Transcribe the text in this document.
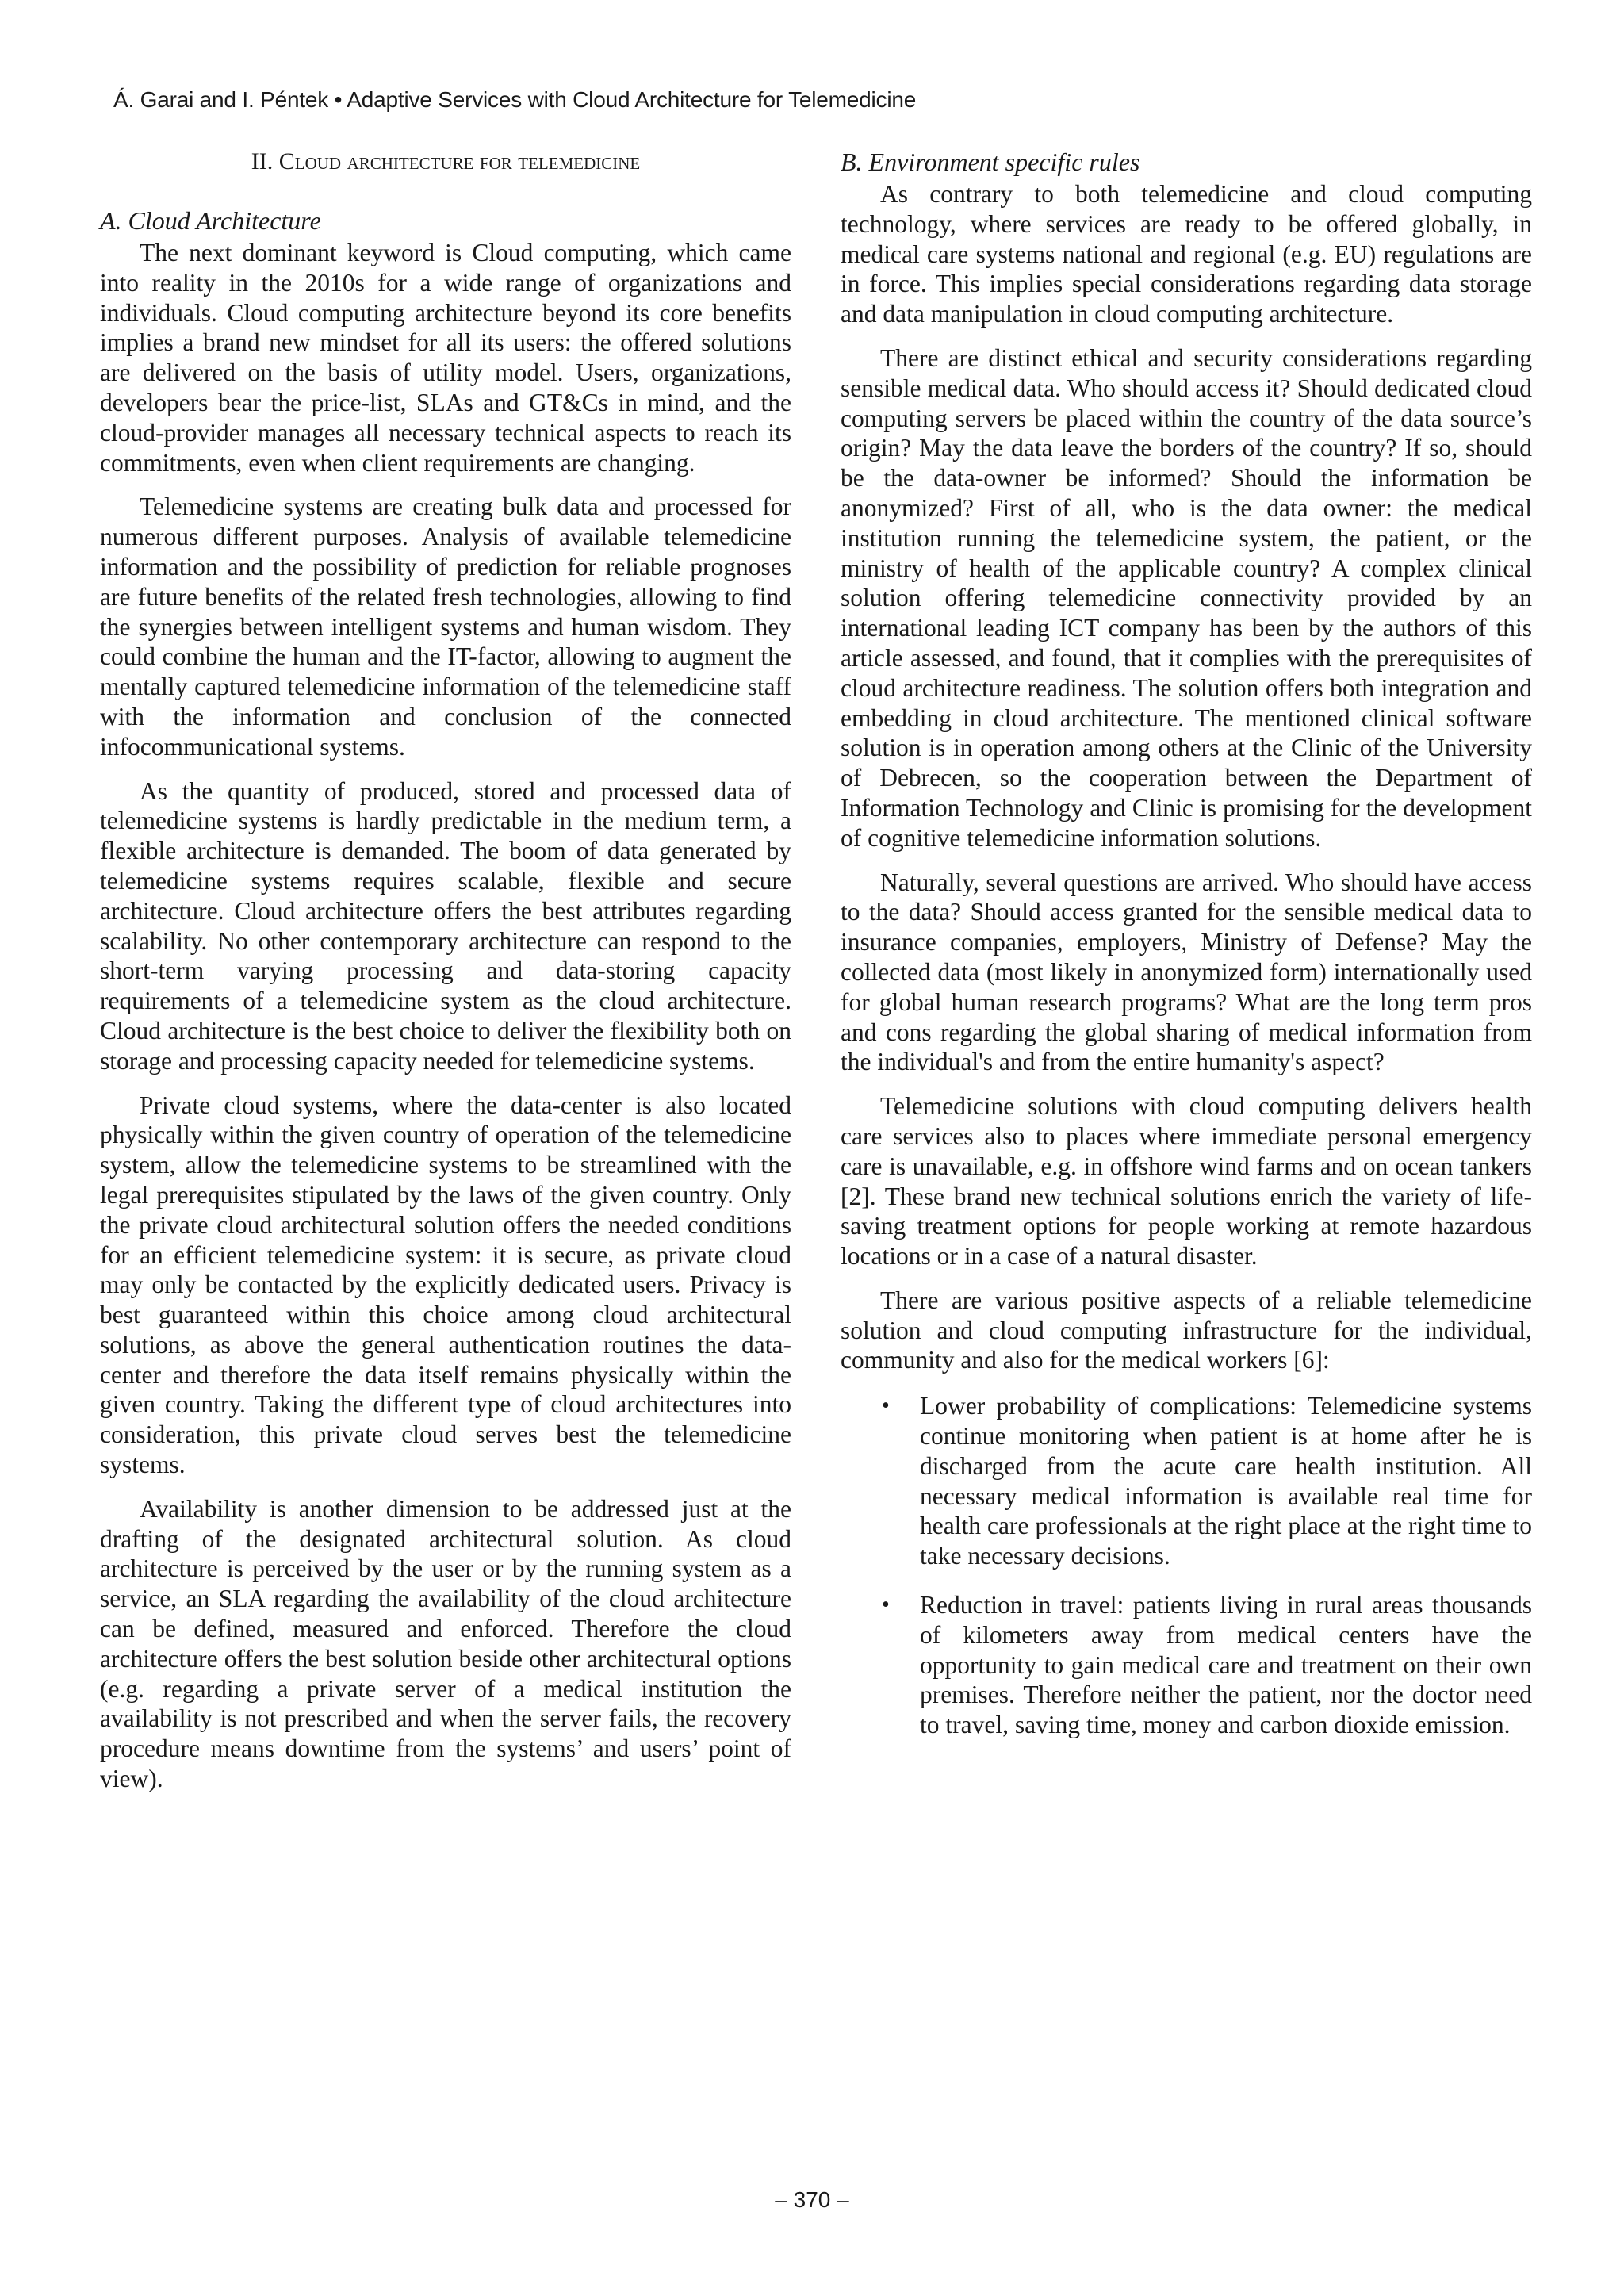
Á. Garai and I. Péntek • Adaptive Services with Cloud Architecture for Telemedicine
II. Cloud architecture for telemedicine
A. Cloud Architecture

The next dominant keyword is Cloud computing, which came into reality in the 2010s for a wide range of organizations and individuals. Cloud computing architecture beyond its core benefits implies a brand new mindset for all its users: the offered solutions are delivered on the basis of utility model. Users, organizations, developers bear the price-list, SLAs and GT&Cs in mind, and the cloud-provider manages all necessary technical aspects to reach its commitments, even when client requirements are changing.

Telemedicine systems are creating bulk data and processed for numerous different purposes. Analysis of available telemedicine information and the possibility of prediction for reliable prognoses are future benefits of the related fresh technologies, allowing to find the synergies between intelligent systems and human wisdom. They could combine the human and the IT-factor, allowing to augment the mentally captured telemedicine information of the telemedicine staff with the information and conclusion of the connected infocommunicational systems.

As the quantity of produced, stored and processed data of telemedicine systems is hardly predictable in the medium term, a flexible architecture is demanded. The boom of data generated by telemedicine systems requires scalable, flexible and secure architecture. Cloud architecture offers the best attributes regarding scalability. No other contemporary architecture can respond to the short-term varying processing and data-storing capacity requirements of a telemedicine system as the cloud architecture. Cloud architecture is the best choice to deliver the flexibility both on storage and processing capacity needed for telemedicine systems.

Private cloud systems, where the data-center is also located physically within the given country of operation of the telemedicine system, allow the telemedicine systems to be streamlined with the legal prerequisites stipulated by the laws of the given country. Only the private cloud architectural solution offers the needed conditions for an efficient telemedicine system: it is secure, as private cloud may only be contacted by the explicitly dedicated users. Privacy is best guaranteed within this choice among cloud architectural solutions, as above the general authentication routines the data-center and therefore the data itself remains physically within the given country. Taking the different type of cloud architectures into consideration, this private cloud serves best the telemedicine systems.

Availability is another dimension to be addressed just at the drafting of the designated architectural solution. As cloud architecture is perceived by the user or by the running system as a service, an SLA regarding the availability of the cloud architecture can be defined, measured and enforced. Therefore the cloud architecture offers the best solution beside other architectural options (e.g. regarding a private server of a medical institution the availability is not prescribed and when the server fails, the recovery procedure means downtime from the systems’ and users’ point of view).

B. Environment specific rules

As contrary to both telemedicine and cloud computing technology, where services are ready to be offered globally, in medical care systems national and regional (e.g. EU) regulations are in force. This implies special considerations regarding data storage and data manipulation in cloud computing architecture.

There are distinct ethical and security considerations regarding sensible medical data. Who should access it? Should dedicated cloud computing servers be placed within the country of the data source’s origin? May the data leave the borders of the country? If so, should be the data-owner be informed? Should the information be anonymized? First of all, who is the data owner: the medical institution running the telemedicine system, the patient, or the ministry of health of the applicable country? A complex clinical solution offering telemedicine connectivity provided by an international leading ICT company has been by the authors of this article assessed, and found, that it complies with the prerequisites of cloud architecture readiness. The solution offers both integration and embedding in cloud architecture. The mentioned clinical software solution is in operation among others at the Clinic of the University of Debrecen, so the cooperation between the Department of Information Technology and Clinic is promising for the development of cognitive telemedicine information solutions.

Naturally, several questions are arrived. Who should have access to the data? Should access granted for the sensible medical data to insurance companies, employers, Ministry of Defense? May the collected data (most likely in anonymized form) internationally used for global human research programs? What are the long term pros and cons regarding the global sharing of medical information from the individual's and from the entire humanity's aspect?

Telemedicine solutions with cloud computing delivers health care services also to places where immediate personal emergency care is unavailable, e.g. in offshore wind farms and on ocean tankers [2]. These brand new technical solutions enrich the variety of life-saving treatment options for people working at remote hazardous locations or in a case of a natural disaster.

There are various positive aspects of a reliable telemedicine solution and cloud computing infrastructure for the individual, community and also for the medical workers [6]:

• Lower probability of complications: Telemedicine systems continue monitoring when patient is at home after he is discharged from the acute care health institution. All necessary medical information is available real time for health care professionals at the right place at the right time to take necessary decisions.
• Reduction in travel: patients living in rural areas thousands of kilometers away from medical centers have the opportunity to gain medical care and treatment on their own premises. Therefore neither the patient, nor the doctor need to travel, saving time, money and carbon dioxide emission.
– 370 –
